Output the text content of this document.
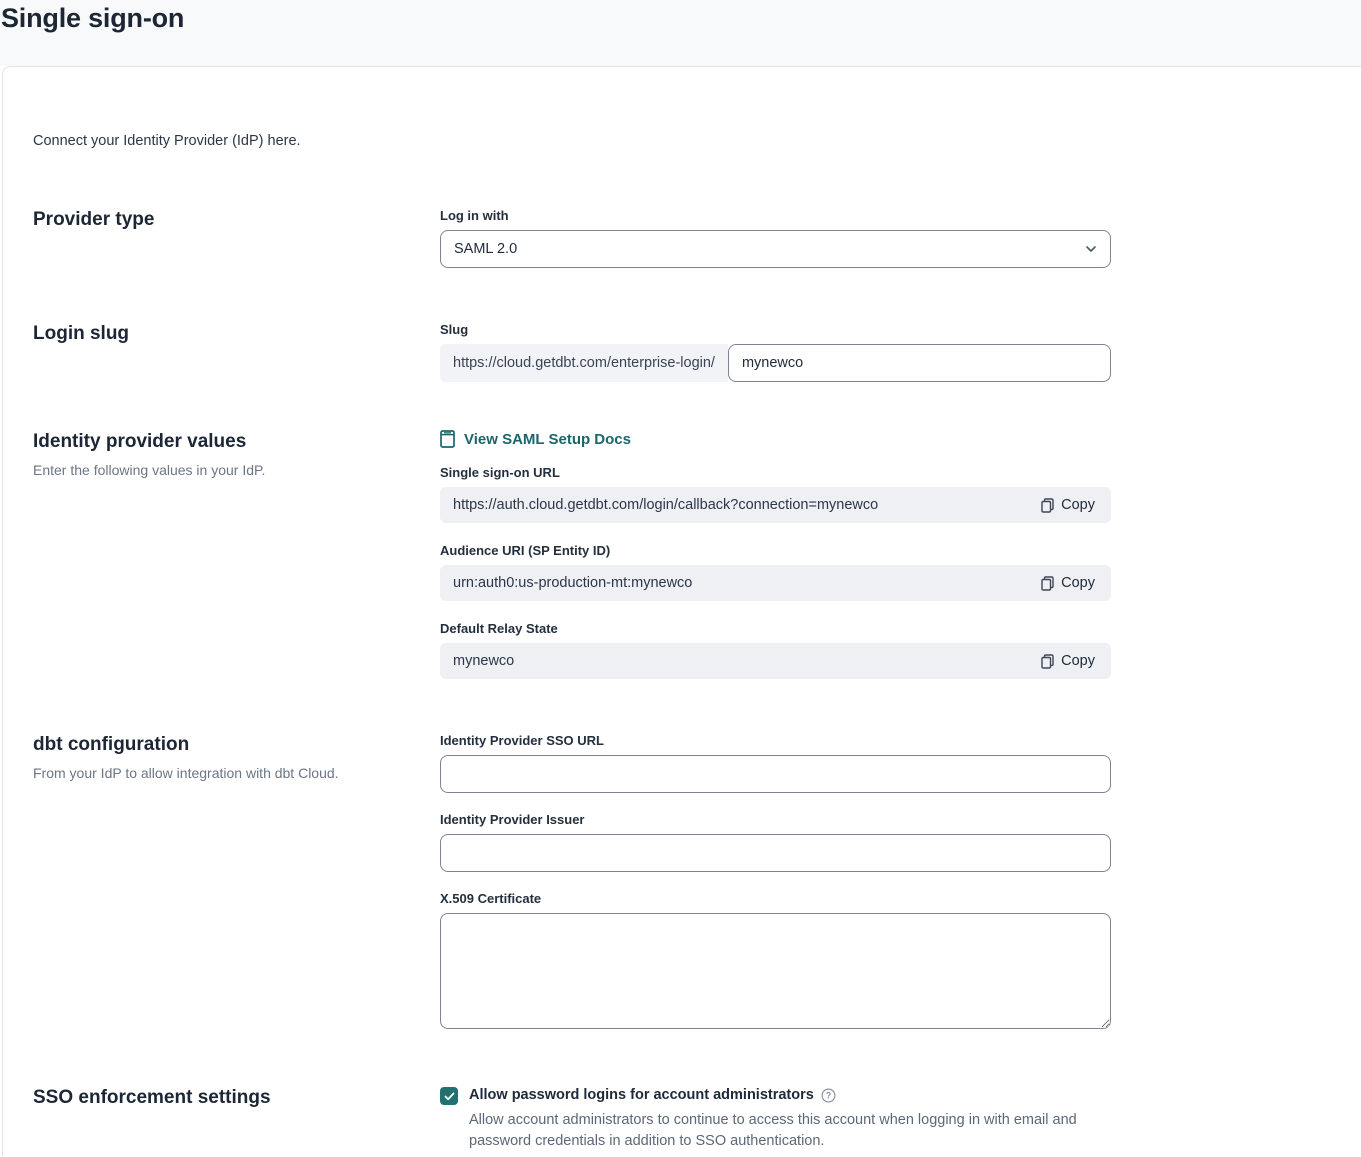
Single sign-on
Connect your Identity Provider (IdP) here.
Provider type	Log in with
SAML 2.0
Login slug	Slug
https://cloud.getdbt.com/enterprise-login/
mynewco
Identity provider values
Enter the following values in your IdP.
View SAML Setup Docs
Single sign-on URL
https://auth.cloud.getdbt.com/login/callback?connection=mynewco	Copy
Audience URI (SP Entity ID)
urn:auth0:us-production-mt:mynewco	Copy
Default Relay State
mynewco	Copy
dbt configuration
From your IdP to allow integration with dbt Cloud.
Identity Provider SSO URL
Identity Provider Issuer
X.509 Certificate
SSO enforcement settings	Allow password logins for account administrators ?
Allow account administrators to continue to access this account when logging in with email and password credentials in addition to SSO authentication.
